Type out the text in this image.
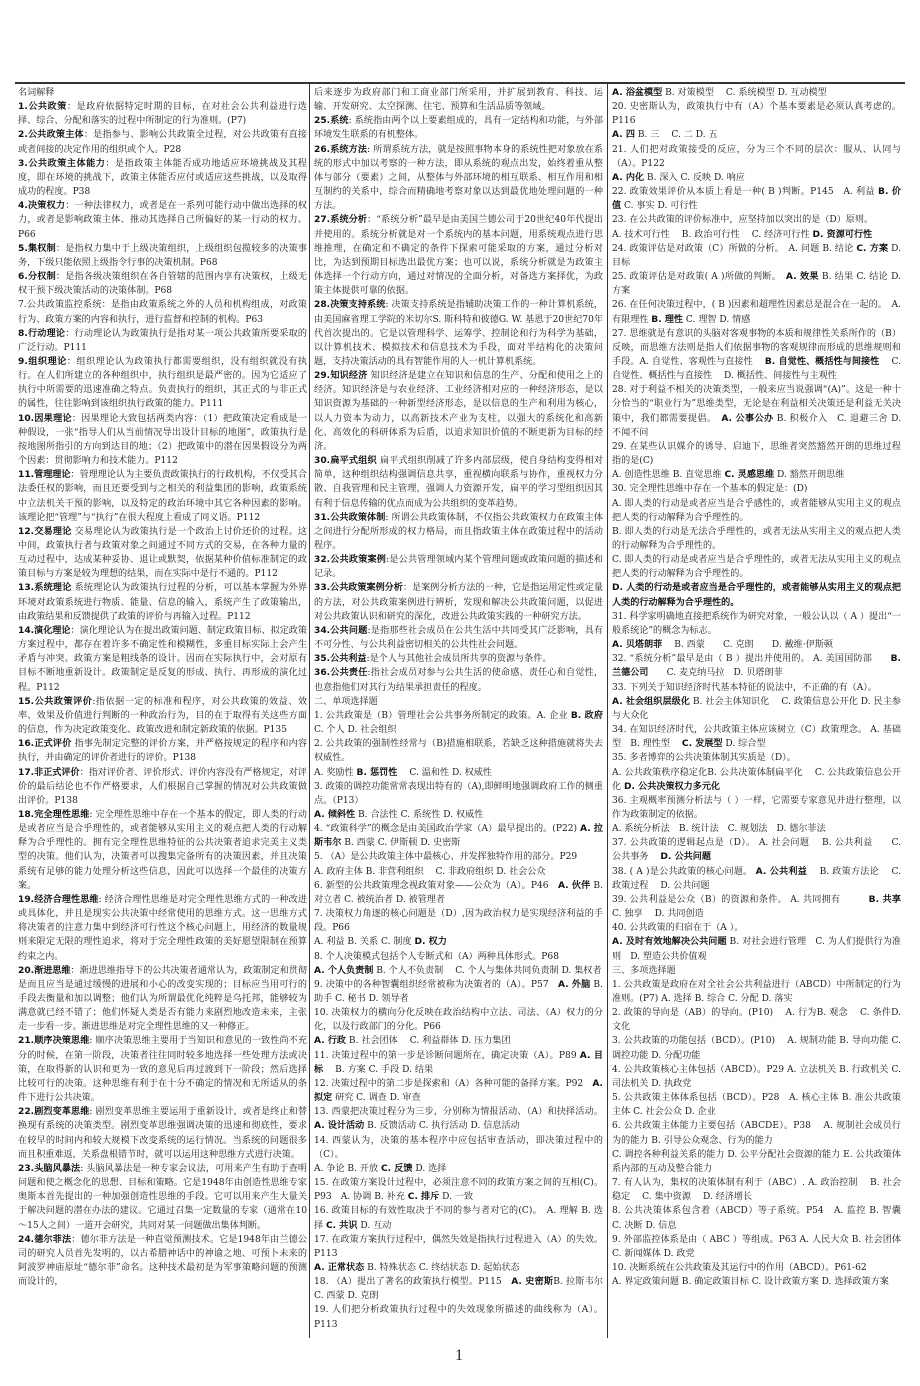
名词解释

1.公共政策：是政府依据特定时期的目标，在对社会公共利益进行选择、综合、分配和落实的过程中所制定的行为准则。(P7)

2.公共政策主体：是指参与、影响公共政策全过程，对公共政策有直接或者间接的决定作用的组织或个人。P28

3.公共政策主体能力：是指政策主体能否成功地适应环境挑战及其程度，即在环境的挑战下，政策主体能否应付或适应这些挑战，以及取得成功的程度。P38

4.决策权力：一种法律权力，或者是在一系列可能行动中做出选择的权力，或者是影响政策主体、推动其选择自己所偏好的某一行动的权力。P66

5.集权制：是指权力集中于上级决策组织，上级组织包揽较多的决策事务，下级只能依照上级指令行事的决策机制。P68

6.分权制：是指各级决策组织在各自管辖的范围内享有决策权，上级无权干预下级决策活动的决策体制。P68

7.公共政策监控系统：是指由政策系统之外的人员和机构组成，对政策行为、政策方案的内容和执行，进行监督和控制的机构。P63

8.行动理论：行动理论认为政策执行是指对某一项公共政策所要采取的广泛行动。P111

9.组织理论：组织理论认为政策执行都需要组织，没有组织就没有执行。在人们所建立的各种组织中，执行组织是最严密的。因为它适应了执行中所需要的迅速准确之特点。负责执行的组织，其正式的与非正式的属性，往往影响到该组织执行政策的能力。P111

10.因果理论：因果理论大致包括两类内容：（1）把政策决定看成是一种假设，一张“指导人们从当前情况导出设计目标的地图”，政策执行是按地图所指引的方向到达目的地；（2）把政策中的潜在因果假设分为两个因素：贯彻影响力和技术能力。P112

11.管理理论：管理理论认为主要负责政策执行的行政机构，不仅受其合法委任权的影响，而且还要受到与之相关的利益集团的影响，政策系统中立法机关干预的影响，以及特定的政治环境中其它各种因素的影响。该理论把“管理”与“执行”在很大程度上看成了同义语。P112

12.交易理论 交易理论认为政策执行是一个政治上讨价还价的过程。这中间，政策执行者与政策对象之间通过不同方式的交易，在各种力量的互动过程中，达成某种妥协、退让或默契，依据某种价值标准制定的政策目标与方案是较为理想的结果，而在实际中是行不通的。P112

13.系统理论 系统理论认为政策执行过程的分析，可以基本掌握为外界环境对政策系统进行物质、能量、信息的输入，系统产生了政策输出，由政策结果和反馈提供了政策的评价与再输入过程。P112

14.演化理论：演化理论认为在提出政策问题、制定政策目标、拟定政策方案过程中，都存在着许多不确定性和模糊性，多重目标实际上会产生矛盾与冲突。政策方案是粗线条的设计。因而在实际执行中，会对原有目标不断地重新设计。政策制定是反复的形成、执行、再形成的演化过程。P112

15.公共政策评价:指依据一定的标准和程序，对公共政策的效益、效率、效果及价值进行判断的一种政治行为，目的在于取得有关这些方面的信息，作为决定政策变化、政策改进和制定新政策的依据。P135

16.正式评价 指事先制定完整的评价方案，并严格按规定的程序和内容执行，并由确定的评价者进行的评价。P138

17.非正式评价：指对评价者、评价形式、评价内容没有严格规定，对评价的最后结论也不作严格要求，人们根据自己掌握的情况对公共政策做出评价。P138

18.完全理性思维: 完全理性思维中存在一个基本的假定，即人类的行动是或者应当是合乎理性的，或者能够从实用主义的观点把人类的行动解释为合乎理性的。拥有完全理性思维特征的公共决策者追求完美主义类型的决策。他们认为，决策者可以搜集完备所有的决策因素，并且决策系统有足够的能力处理分析这些信息，因此可以选择一个最佳的决策方案。

19.经济合理性思维: 经济合理性思维是对完全理性思维方式的一种改进或具体化，并且是现实公共决策中经常使用的思维方式。这一思维方式将决策者的注意力集中到经济可行性这个核心问题上，用经济的数量规则来限定无限的理性追求，将对于完全理性政策的美好愿望限制在预算约束之内。

20.渐进思维：渐进思维指导下的公共决策者通常认为，政策制定和贯彻是而且应当是通过缓慢的进展和小心的改变实现的；目标应当用可行的手段去衡量和加以调整；他们认为所谓最优化纯粹是乌托邦，能够较为满意就已经不错了；他们怀疑人类是否有能力来剧烈地改造未来，主张走一步看一步。渐进思维是对完全理性思维的又一种修正。

21.顺序决策思维: 顺序决策思维主要用于当知识和意见的一致性尚不充分的时候，在第一阶段，决策者往往同时较多地选择一些处理方法或决策，在取得新的认识和更为一致的意见后再过渡到下一阶段；然后选择比较可行的决策。这种思维有利于在十分不确定的情况和无所适从的条件下进行公共决策。

22.剧烈变革思维: 剧烈变革思维主要运用于重新设计，或者是终止和替换现有系统的决策类型。剧烈变革思维强调决策的迅速和彻底性，要求在较早的时间内和较大规模下改变系统的运行情况。当系统的问题很多而且积重难返，关系盘根错节时，就可以运用这种思维方式进行决策。

23.头脑风暴法: 头脑风暴法是一种专家会议法，可用来产生有助于查明问题和使之概念化的思想、目标和策略。它是1948年由创造性思维专家奥斯本首先提出的一种加强创造性思维的手段。它可以用来产生大量关于解决问题的潜在办法的建议。它通过召集一定数量的专家（通常在10～15人之间）一道开会研究，共同对某一问题做出集体判断。

24.德尔菲法：德尔菲方法是一种直觉预测技术。它是1948年由兰德公司的研究人员首先发明的，以古希腊神话中的神谕之地、可预卜未来的阿波罗神庙原址“德尔菲”命名。这种技术最初是为军事策略问题的预测而设计的，

后来逐步为政府部门和工商业部门所采用，并扩展到教育、科技、运输、开发研究、太空探测、住宅、预算和生活品质等领域。

25.系统: 系统指由两个以上要素组成的，具有一定结构和功能，与外部环境发生联系的有机整体。

26.系统方法: 所谓系统方法，就是按照事物本身的系统性把对象放在系统的形式中加以考察的一种方法，即从系统的观点出发，始终着重从整体与部分（要素）之间，从整体与外部环境的相互联系、相互作用和相互制约的关系中，综合而精确地考察对象以达到最优地处理问题的一种方法。

27.系统分析：“系统分析”最早是由美国兰德公司于20世纪40年代提出并使用的。系统分析就是对一个系统内的基本问题，用系统观点进行思维推理，在确定和不确定的条件下探索可能采取的方案，通过分析对比，为达到预期目标选出最优方案；也可以说，系统分析就是为政策主体选择一个行动方向，通过对情况的全面分析，对备选方案择优，为政策主体提供可靠的依据。

28.决策支持系统: 决策支持系统是指辅助决策工作的一种计算机系统，由美国麻省理工学院的米切尔S. 斯科特和彼德G. W. 基恩于20世纪70年代首次提出的。它是以管理科学、运筹学、控制论和行为科学为基础，以计算机技术、模拟技术和信息技术为手段，面对半结构化的决策问题，支持决策活动的具有智能作用的人一机计算机系统。

29.知识经济 知识经济是建立在知识和信息的生产、分配和使用之上的经济。知识经济是与农业经济、工业经济相对应的一种经济形态，是以知识资源为基础的一种新型经济形态，是以信息的生产和利用为核心，以人力资本为动力，以高新技术产业为支柱，以强大的系统化和高新化、高效化的科研体系为后盾，以追求知识价值的不断更新为目标的经济。

30.扁平式组织 扁平式组织削减了许多内部层级，使自身结构变得相对简单，这种组织结构强调信息共享，重视横向联系与协作，重视权力分散、自我管理和民主管理，强调人力资源开发，扁平的学习型组织因其有利于信息传输的优点而成为公共组织的变革趋势。

31.公共政策体制: 所谓公共政策体制，不仅指公共政策权力在政策主体之间进行分配所形成的权力格局，而且指政策主体在政策过程中的活动程序。

32.公共政策案例:是公共管理领域内某个管理问题或政策问题的描述和记录。

33.公共政策案例分析：是案例分析方法的一种，它是指运用定性或定量的方法，对公共政策案例进行辨析，发现和解决公共政策问题，以促进对公共政策认识和研究的深化，改进公共政策实践的一种研究方法。

34.公共问题:是指那些社会成员在公共生活中共同受其广泛影响，具有不可分性、与公共利益密切相关的公共性社会问题。

35.公共利益:是个人与其他社会成员所共享的资源与条件。

36.公共责任:指社会成员对参与公共生活的使命感、责任心和自觉性，也意指他们对其行为结果承担责任的程度。

二、单项选择题

1. 公共政策是（B）管理社会公共事务所制定的政策。A. 企业 B. 政府 C. 个人 D. 社会组织

2. 公共政策的强制性经常与（B)措施相联系，若缺乏这种措施就将失去权威性。

A. 奖励性 B. 惩罚性　 C. 温和性 D. 权威性

3. 政策的调控功能常常表现出特有的（A),即鲜明地强调政府工作的侧重点。（P13）

A. 倾斜性 B. 合法性 C. 系统性 D. 权威性

4. “政策科学”的概念是由美国政治学家（A）最早提出的。(P22) A. 拉斯韦尔 B. 西蒙 C. 伊斯顿 D. 史密斯

5. （A）是公共政策主体中最核心、并发挥独特作用的部分。P29

A. 政府主体 B. 非营利组织　 C. 非政府组织 D. 社会公众

6. 新型的公共政策理念视政策对象——公众为（A）。P46　A. 伙伴 B. 对立者 C. 被统治者 D. 被管理者

7. 决策权力角逐的核心问题是（D）,因为政治权力是实现经济利益的手段。P66

A. 利益 B. 关系 C. 制度 D. 权力

8. 个人决策模式包括个人专断式和（A）两种具体形式。P68

A. 个人负责制 B. 个人不负责制　 C. 个人与集体共同负责制 D. 集权者

9. 决策中的各种智囊组织经常被称为决策者的（A）。P57　A. 外脑 B. 助手 C. 秘书 D. 领导者

10. 决策权力的横向分化反映在政治结构中立法、司法、（A）权力的分化，以及行政部门的分化。P66

A. 行政 B. 社会团体　 C. 利益群体 D. 压力集团

11. 决策过程中的第一步是诊断问题所在，确定决策（A）。P89 A. 目标　 B. 方案 C. 手段 D. 结果

12. 决策过程中的第二步是探索和（A）各种可能的备择方案。P92　A. 拟定 研究 C. 调查 D. 审查

13. 西蒙把决策过程分为三步，分别称为情报活动、（A）和抉择活动。A. 设计活动 B. 反馈活动 C. 执行活动 D. 信息活动

14. 西蒙认为，决策的基本程序中应包括审查活动，即决策过程中的（C）。

A. 争论 B. 开放 C. 反馈 D. 选择

15. 在政策方案设计过程中，必须注意不同的政策方案之间的互相(C)。P93　A. 协调 B. 补充 C. 排斥 D. 一致

16. 政策目标的有效性取决于不同的参与者对它的(C)。　A. 理解 B. 选择 C. 共识 D. 互动

17. 在政策方案执行过程中，偶然失效是指执行过程进入（A）的失效。P113

A. 正常状态 B. 特殊状态 C. 终结状态 D. 起始状态

18. （A）提出了著名的政策执行模型。P115　A. 史密斯B. 拉斯韦尔 C. 西蒙 D. 克朗

19. 人们把分析政策执行过程中的失效现象所描述的曲线称为（A）。P113

A. 浴盆模型 B. 对策模型　 C. 系统模型 D. 互动模型

20. 史密斯认为，政策执行中有（A）个基本要素是必须认真考虑的。P116

A. 四 B. 三　 C. 二 D. 五

21. 人们把对政策接受的反应，分为三个不同的层次：服从、认同与（A）。P122

A. 内化 B. 深入 C. 反映 D. 响应

22. 政策效果评价从本质上看是一种( B )判断。P145　A. 利益 B. 价值 C. 事实 D. 可行性

23. 在公共政策的评价标准中，应坚持加以突出的是（D）原则。

A. 技术可行性　 B. 政治可行性　 C. 经济可行性 D. 资源可行性

24. 政策评估是对政策（C）所做的分析。　A. 问题 B. 结论 C. 方案 D. 目标

25. 政策评估是对政策( A )所做的判断。　A. 效果 B. 结果 C. 结论 D. 方案

26. 在任何决策过程中，( B )因素和超理性因素总是混合在一起的。　A. 有限理性 B. 理性 C. 理智 D. 情感

27. 思维就是有意识的头脑对客观事物的本质和规律性关系所作的（B）反映，而思维方法则是指人们依据事物的客观规律而形成的思维规则和手段。A. 自觉性、客观性与直接性　 B. 自觉性、概括性与间接性　 C. 自觉性、概括性与直接性　 D. 概括性、间接性与主观性

28. 对于利益不相关的决策类型，一般来应当说强调“(A)”。这是一种十分恰当的“职业行为”思维类型，无论是在利益相关决策还是利益无关决策中，我们都需要提倡。　A. 公事公办 B. 积极介入　C. 退避三舍 D. 不闻不问

29. 在某些认识媒介的诱导、启迪下，思维者突然豁然开朗的思维过程指的是(C)

A. 创造性思维 B. 直觉思维 C. 灵感思维 D. 豁然开朗思维

30. 完全理性思维中存在一个基本的假定是：(D)

A. 即人类的行动是或者应当是合乎感性的，或者能够从实用主义的观点把人类的行动解释为合乎理性的。

B. 即人类的行动是无法合乎理性的，或者无法从实用主义的观点把人类的行动解释为合乎理性的。

C. 即人类的行动是或者应当是合乎理性的，或者无法从实用主义的观点把人类的行动解释为合乎理性的。

D. 人类的行动是或者应当是合乎理性的，或者能够从实用主义的观点把人类的行动解释为合乎理性的。

31. 科学家明确地直接把系统作为研究对象，一般公认以（ A ）提出“一般系统论”的概念为标志。

A. 贝塔朗菲　 B. 西蒙　　C. 克朗　　D. 戴维·伊斯顿

32. “系统分析”最早是由（ B ）提出并使用的。 A. 美国国防部　　B. 兰德公司　　C. 麦克纳马拉　D. 贝塔朗菲

33. 下列关于知识经济时代基本特征的说法中，不正确的有（A）。

A. 社会组织层级化 B. 社会主体知识化　 C. 政策信息公开化 D. 民主参与大众化

34. 在知识经济时代，公共政策主体应该树立（C）政策理念。 A. 基础型　B. 理性型　 C. 发展型 D. 综合型

35. 多者博弈的公共决策体制其实质是（D）。

A. 公共政策秩序稳定化B. 公共决策体制扁平化　 C. 公共政策信息公开化 D. 公共决策权力多元化

36. 主观概率预测分析法与（ ）一样，它需要专家意见并进行整理，以作为政策制定的依据。

A. 系统分析法　B. 统计法　C. 规划法　D. 德尔菲法

37. 公共政策的逻辑起点是（D）。 A. 社会问题　 B. 公共利益　　C. 公共事务　 D. 公共问题

38. ( A )是公共政策的核心问题。 A. 公共利益　 B. 政策方法论　 C. 政策过程　 D. 公共问题

39. 公共利益是公众（B）的资源和条件。 A. 共同拥有　　　B. 共享 C. 独享　 D. 共同创造

40. 公共政策的归宿在于（A ）。

A. 及时有效地解决公共问题 B. 对社会进行管理　C. 为人们提供行为准则　D. 塑造公共价值观

三、多项选择题

1. 公共政策是政府在对全社会公共利益进行（ABCD）中所制定的行为准则。(P7) A. 选择 B. 综合 C. 分配 D. 落实

2. 政策的导向是（AB）的导向。(P10)　 A. 行为B. 观念　 C. 条件D. 文化

3. 公共政策的功能包括（BCD）。(P10)　 A. 规制功能 B. 导向功能 C. 调控功能 D. 分配功能

4. 公共政策核心主体包括（ABCD）。P29 A. 立法机关 B. 行政机关 C. 司法机关 D. 执政党

5. 公共政策主体体系包括（BCD）。P28　A. 核心主体 B. 准公共政策主体 C. 社会公众 D. 企业

6. 公共政策主体能力主要包括（ABCDE）。P38　 A. 规制社会成员行为的能力 B. 引导公众观念、行为的能力

C. 调控各种利益关系的能力 D. 公平分配社会资源的能力 E. 公共政策体系内部的互动及整合能力

7. 有人认为，集权的决策体制有利于（ABC）. A. 政治控制　 B. 社会稳定　 C. 集中资源　 D. 经济增长

8. 公共决策体系包含着（ABCD）等子系统。P54　A. 监控 B. 智囊　 C. 决断 D. 信息

9. 外部监控体系是由（ ABC ）等组成。P63 A. 人民大众 B. 社会团体 C. 新闻媒体 D. 政党

10. 决断系统在公共政策及其运行中的作用（ABCD）。P61-62

A. 界定政策问题 B. 确定政策目标 C. 设计政策方案 D. 选择政策方案

1
